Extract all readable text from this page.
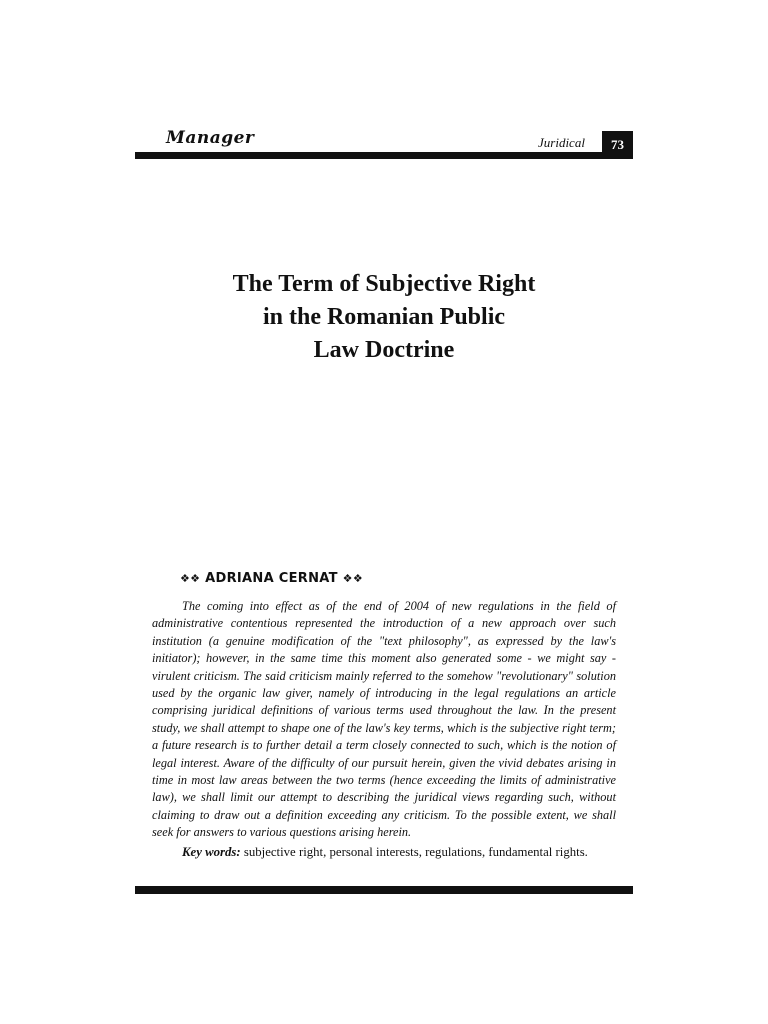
Manager	Juridical	73
The Term of Subjective Right
in the Romanian Public
Law Doctrine
❖❖ ADRIANA CERNAT ❖❖
The coming into effect as of the end of 2004 of new regulations in the field of administrative contentious represented the introduction of a new approach over such institution (a genuine modification of the "text philosophy", as expressed by the law's initiator); however, in the same time this moment also generated some - we might say - virulent criticism. The said criticism mainly referred to the somehow "revolutionary" solution used by the organic law giver, namely of introducing in the legal regulations an article comprising juridical definitions of various terms used throughout the law. In the present study, we shall attempt to shape one of the law's key terms, which is the subjective right term; a future research is to further detail a term closely connected to such, which is the notion of legal interest. Aware of the difficulty of our pursuit herein, given the vivid debates arising in time in most law areas between the two terms (hence exceeding the limits of administrative law), we shall limit our attempt to describing the juridical views regarding such, without claiming to draw out a definition exceeding any criticism. To the possible extent, we shall seek for answers to various questions arising herein.
Key words: subjective right, personal interests, regulations, fundamental rights.
